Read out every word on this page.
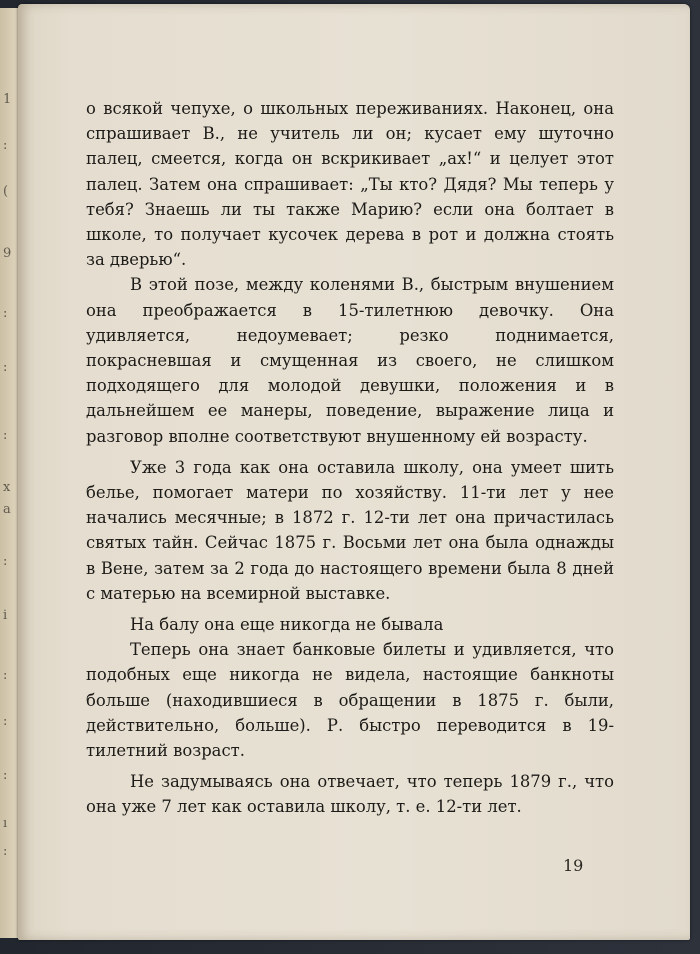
1
:
(
9
:
:
:
x
a
:
i
:
:
:
ı
:

о всякой чепухе, о школьных переживаниях. Наконец, она спрашивает В., не учитель ли он; кусает ему шуточно палец, смеется, когда он вскрикивает „ах!“ и целует этот палец. Затем она спрашивает: „Ты кто? Дядя? Мы теперь у тебя? Знаешь ли ты также Марию? если она болтает в школе, то получает кусочек дерева в рот и должна стоять за дверью“.

В этой позе, между коленями В., быстрым внушением она преображается в 15-тилетнюю девочку. Она удивляется, недоумевает; резко поднимается, покрасневшая и смущенная из своего, не слишком подходящего для молодой девушки, положения и в дальнейшем ее манеры, поведение, выражение лица и разговор вполне соответствуют внушенному ей возрасту.

Уже 3 года как она оставила школу, она умеет шить белье, помогает матери по хозяйству. 11-ти лет у нее начались месячные; в 1872 г. 12-ти лет она причастилась святых тайн. Сейчас 1875 г. Восьми лет она была однажды в Вене, затем за 2 года до настоящего времени была 8 дней с матерью на всемирной выставке.

На балу она еще никогда не бывала

Теперь она знает банковые билеты и удивляется, что подобных еще никогда не видела, настоящие банкноты больше (находившиеся в обращении в 1875 г. были, действительно, больше). Р. быстро переводится в 19-тилетний возраст.

Не задумываясь она отвечает, что теперь 1879 г., что она уже 7 лет как оставила школу, т. е. 12-ти лет.

19
